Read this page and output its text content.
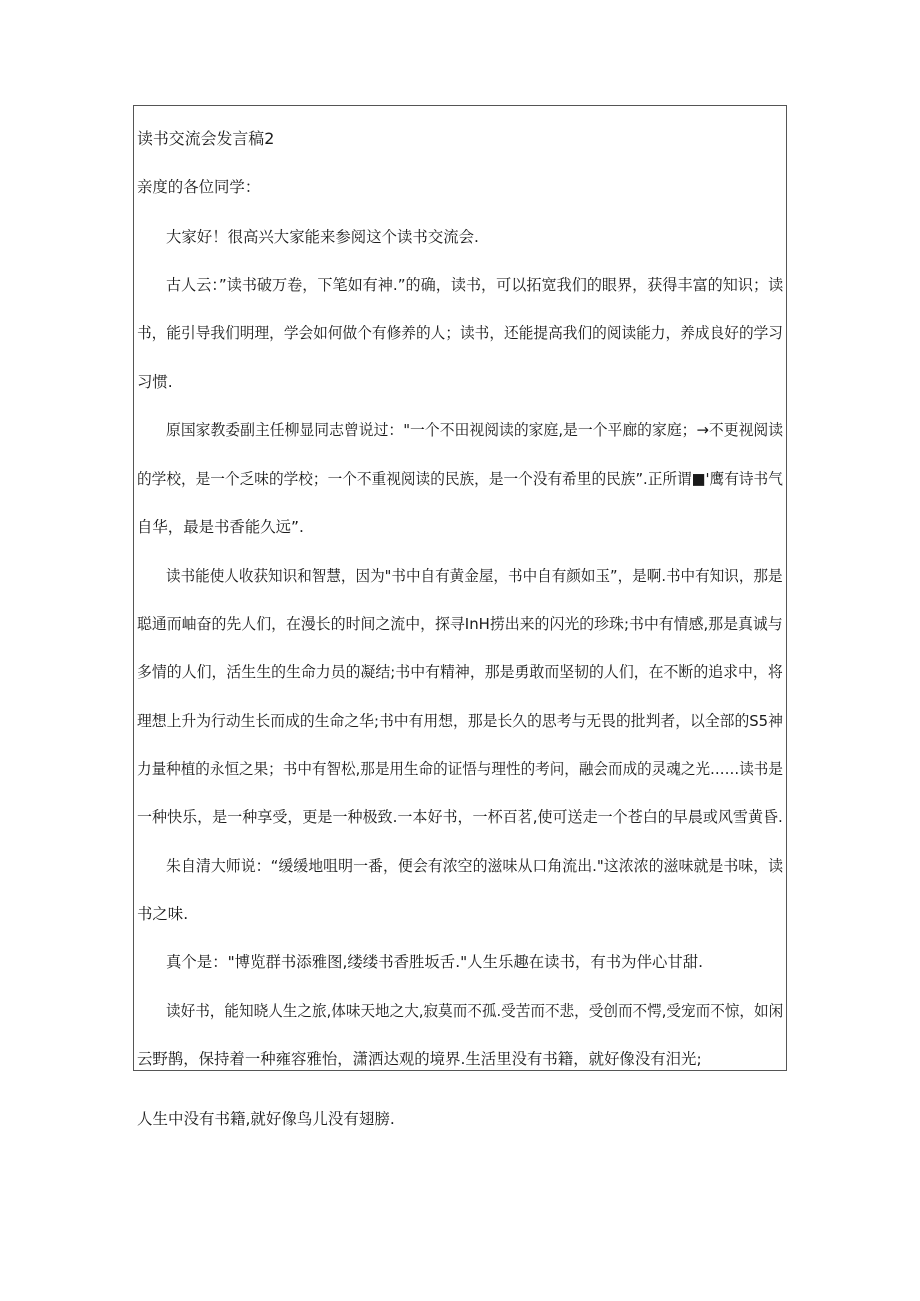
读书交流会发言稿2
亲度的各位同学：
大家好！很高兴大家能来参阅这个读书交流会.
古人云：”读书破万卷，下笔如有神.”的确，读书，可以拓宽我们的眼界，获得丰富的知识；读
书，能引导我们明理，学会如何做个有修养的人；读书，还能提高我们的阅读能力，养成良好的学习
习惯.
原国家教委副主任柳显同志曾说过："一个不田视阅读的家庭,是一个平廊的家庭；→不更视阅读
的学校，是一个乏味的学校；一个不重视阅读的民族，是一个没有希里的民族”.正所谓■'鹰有诗书气
自华，最是书香能久远”.
读书能使人收获知识和智慧，因为"书中自有黄金屋，书中自有颜如玉”，是啊.书中有知识，那是
聪通而岫奋的先人们，在漫长的时间之流中，探寻InH捞出来的闪光的珍珠;书中有情感,那是真诚与
多情的人们，活生生的生命力员的凝结;书中有精神，那是勇敢而坚韧的人们，在不断的追求中，将
理想上升为行动生长而成的生命之华;书中有用想，那是长久的思考与无畏的批判者，以全部的S5神
力量种植的永恒之果；书中有智松,那是用生命的证悟与理性的考问，融会而成的灵魂之光……读书是
一种快乐，是一种享受，更是一种极致.一本好书，一杯百茗,使可送走一个苍白的早晨或风雪黄昏.
朱自清大师说：“缓缓地咀明一番，便会有浓空的滋味从口角流出."这浓浓的滋味就是书味，读
书之味.
真个是："博览群书添雅图,缕缕书香胜坂舌."人生乐趣在读书，有书为伴心甘甜.
读好书，能知晓人生之旅,体味天地之大,寂莫而不孤.受苦而不悲，受创而不愕,受宠而不惊，如闲
云野鹊，保持着一种雍容雅怡，潇洒达观的境界.生活里没有书籍，就好像没有汨光;
人生中没有书籍,就好像鸟儿没有翅膀.
